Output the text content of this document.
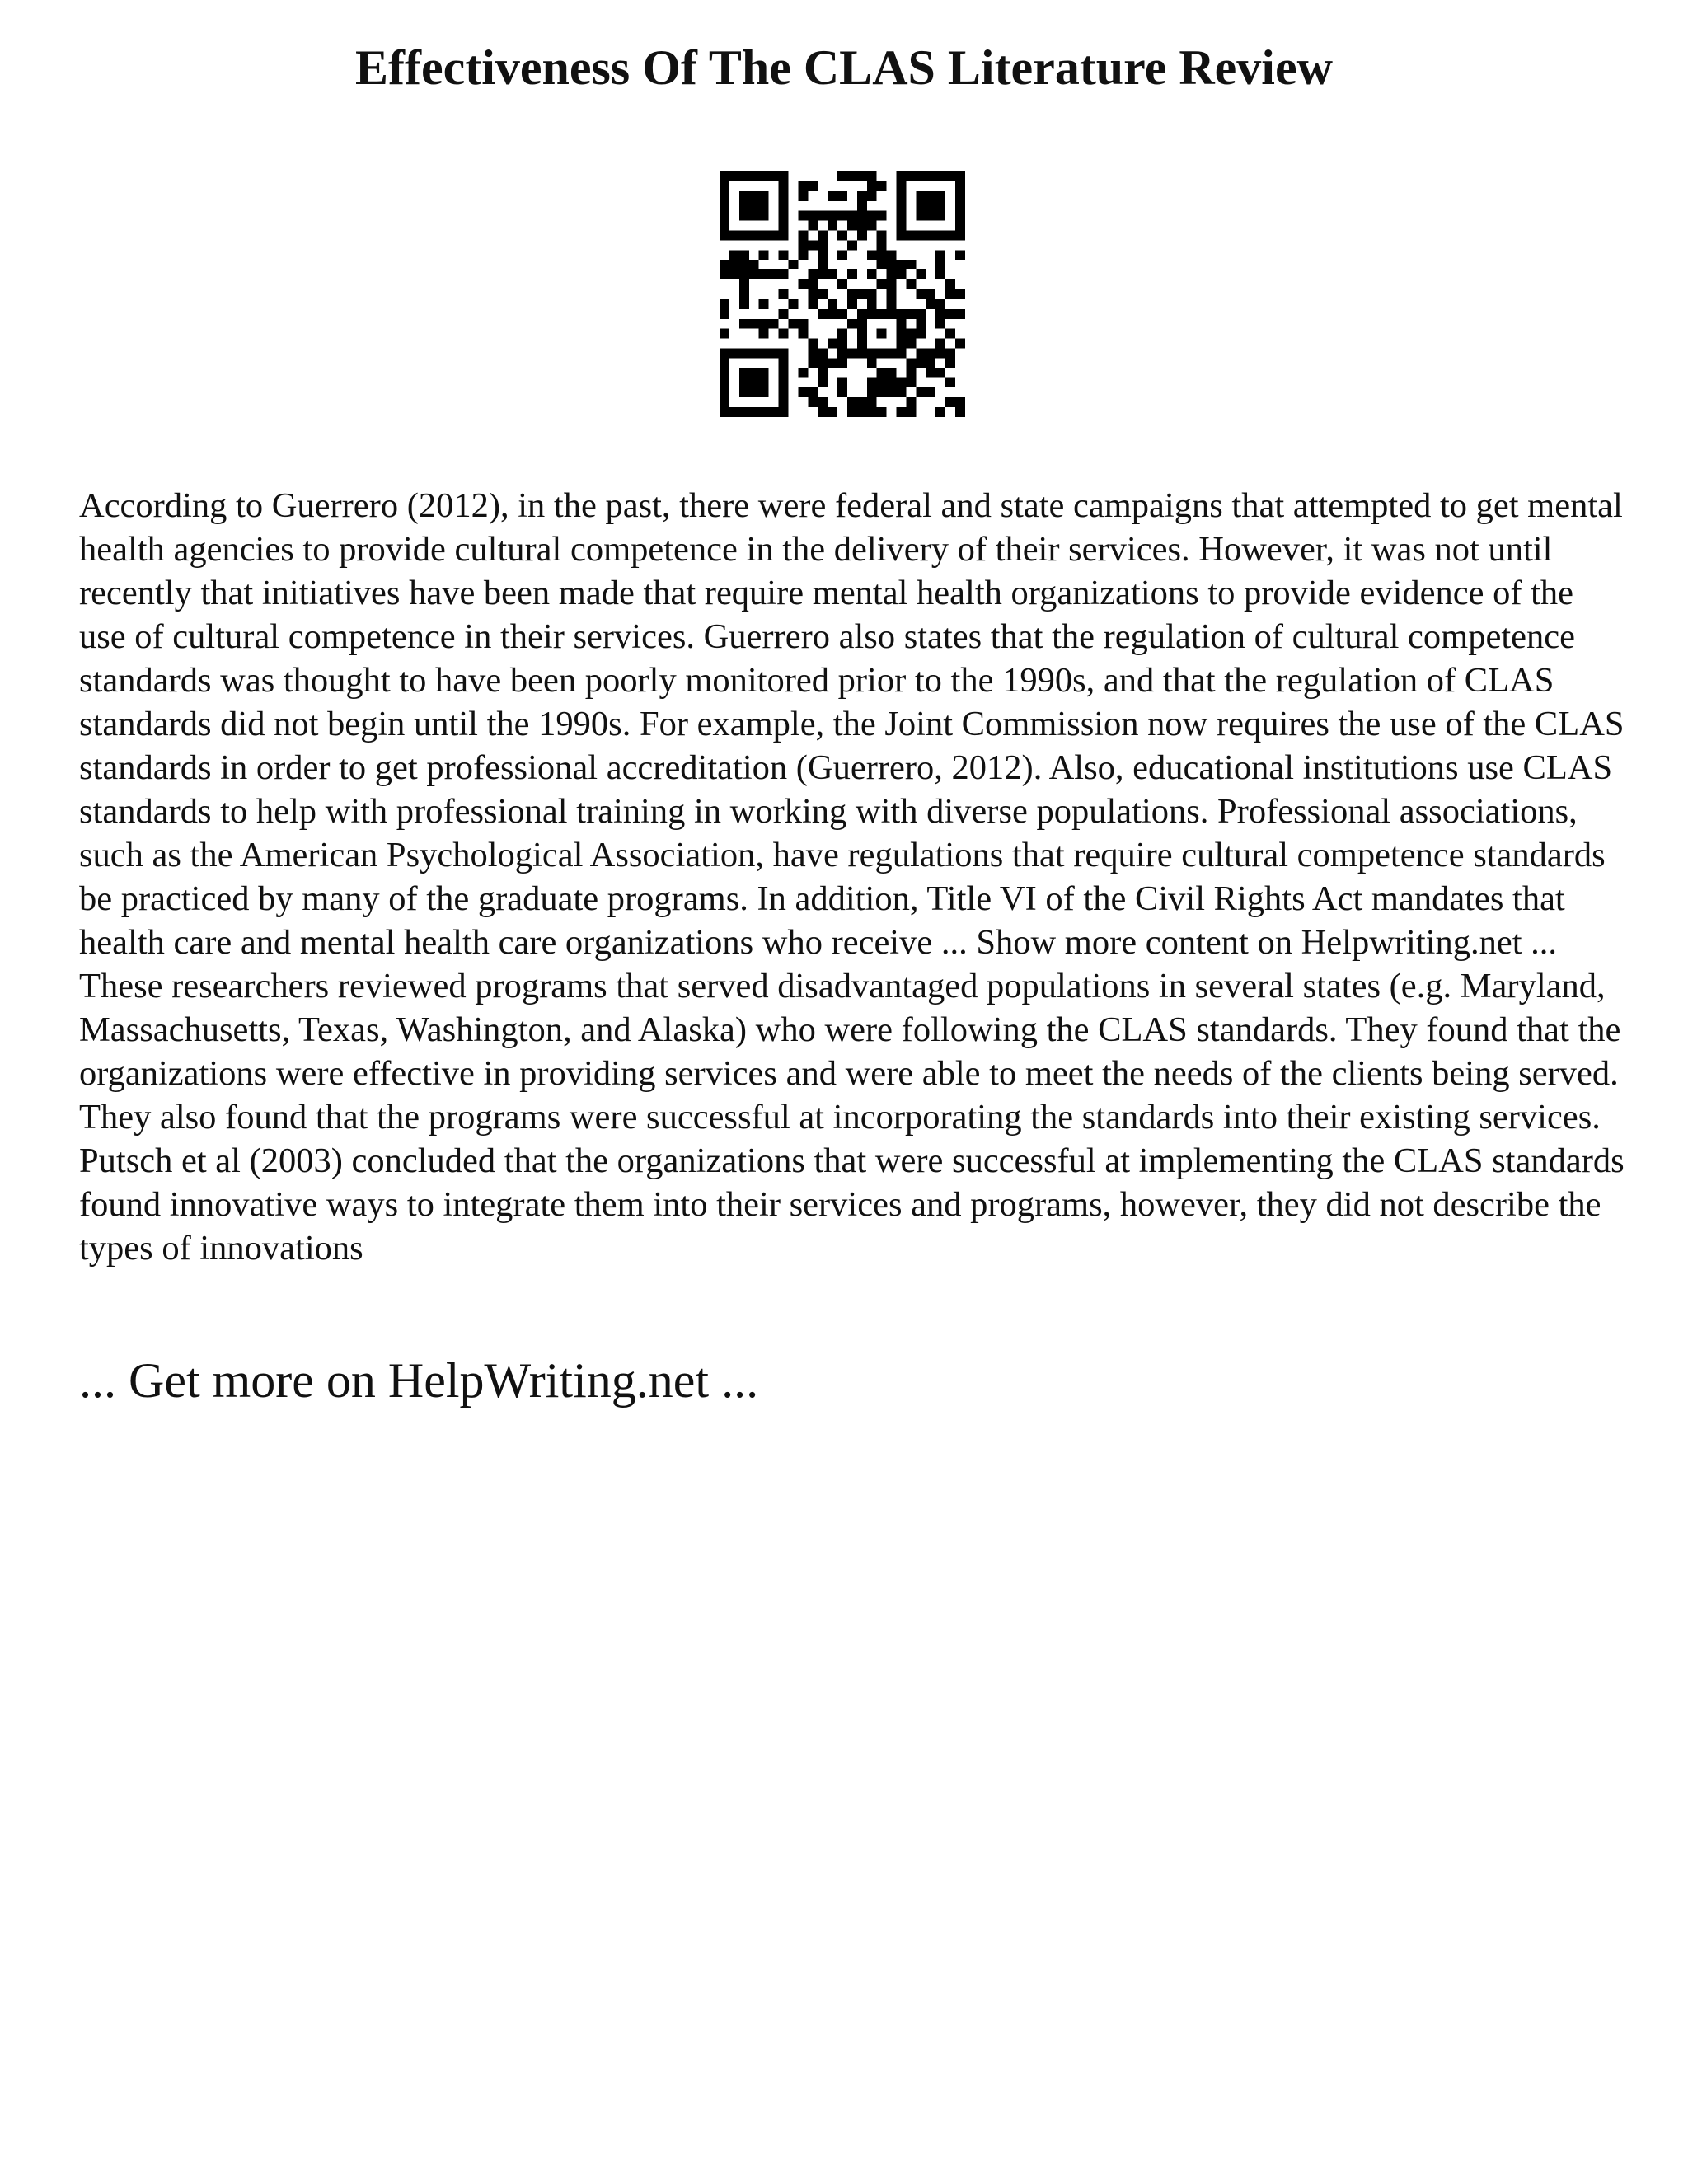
Effectiveness Of The CLAS Literature Review

According to Guerrero (2012), in the past, there were federal and state campaigns that attempted to get mental health agencies to provide cultural competence in the delivery of their services. However, it was not until recently that initiatives have been made that require mental health organizations to provide evidence of the use of cultural competence in their services. Guerrero also states that the regulation of cultural competence standards was thought to have been poorly monitored prior to the 1990s, and that the regulation of CLAS standards did not begin until the 1990s. For example, the Joint Commission now requires the use of the CLAS standards in order to get professional accreditation (Guerrero, 2012). Also, educational institutions use CLAS standards to help with professional training in working with diverse populations. Professional associations, such as the American Psychological Association, have regulations that require cultural competence standards be practiced by many of the graduate programs. In addition, Title VI of the Civil Rights Act mandates that health care and mental health care organizations who receive ... Show more content on Helpwriting.net ...

These researchers reviewed programs that served disadvantaged populations in several states (e.g. Maryland, Massachusetts, Texas, Washington, and Alaska) who were following the CLAS standards. They found that the organizations were effective in providing services and were able to meet the needs of the clients being served. They also found that the programs were successful at incorporating the standards into their existing services. Putsch et al (2003) concluded that the organizations that were successful at implementing the CLAS standards found innovative ways to integrate them into their services and programs, however, they did not describe the types of innovations

... Get more on HelpWriting.net ...
